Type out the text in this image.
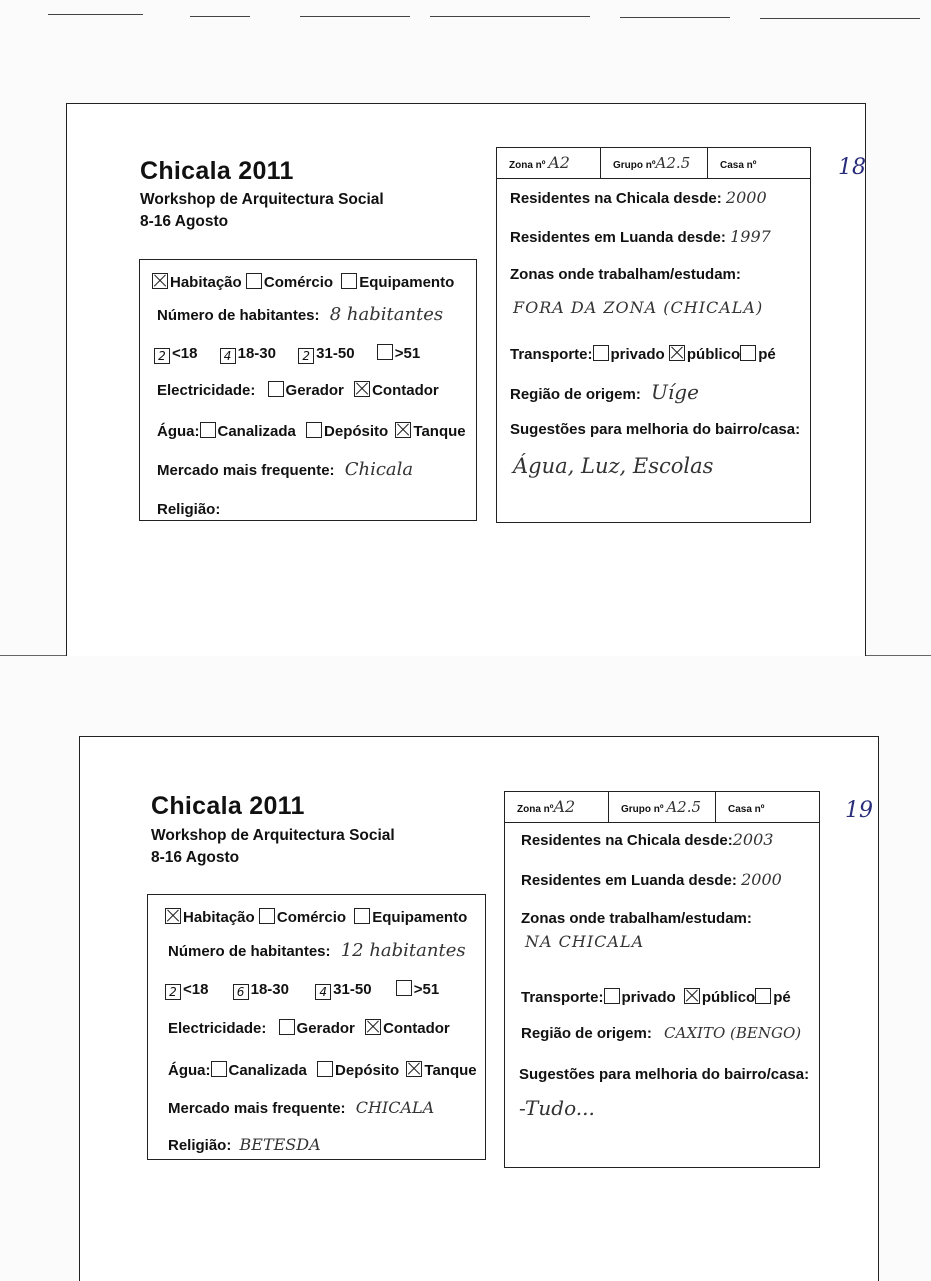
Chicala 2011
Workshop de Arquitectura Social
8-16 Agosto
Habitação Comércio Equipamento
Número de habitantes: 8 habitantes
2 <18 4 18-30 2 31-50	>51
Electricidade: Gerador Contador
Água: Canalizada Depósito Tanque
Mercado mais frequente: Chicala
Religião:
Zona nº A2	Grupo nºA2.5	Casa nº
Residentes na Chicala desde: 2000
Residentes em Luanda desde: 1997
Zonas onde trabalham/estudam:
FORA DA ZONA (CHICALA)
Transporte: privado público pé
Região de origem: Uíge
Sugestões para melhoria do bairro/casa:
Água, Luz, Escolas
18
Chicala 2011
Workshop de Arquitectura Social
8-16 Agosto
Habitação Comércio Equipamento
Número de habitantes: 12 habitantes
2 <18 6 18-30	4 31-50	>51
Electricidade: Gerador Contador
Água: Canalizada Depósito Tanque
Mercado mais frequente: CHICALA
Religião: BETESDA
Zona nºA2	Grupo nº A2.5	Casa nº
Residentes na Chicala desde:2003
Residentes em Luanda desde: 2000
Zonas onde trabalham/estudam:
NA CHICALA
Transporte: privado público pé
Região de origem: CAXITO (BENGO)
Sugestões para melhoria do bairro/casa:
-Tudo...
19
